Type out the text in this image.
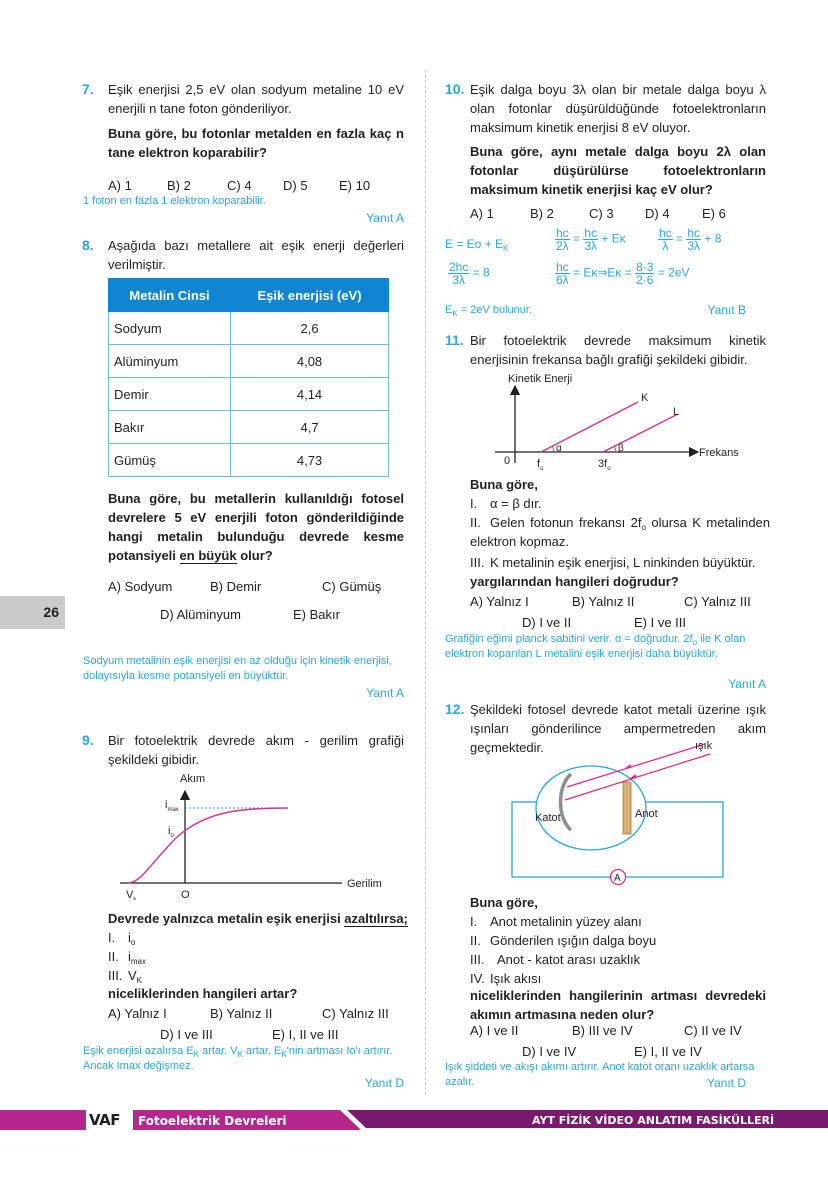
26
7. Eşik enerjisi 2,5 eV olan sodyum metaline 10 eV enerjili n tane foton gönderiliyor.
Buna göre, bu fotonlar metalden en fazla kaç n tane elektron koparabilir?
A) 1	B) 2	C) 4 D) 5 E) 10
1 foton en fazla 1 elektron koparabilir.
Yanıt A
8. Aşağıda bazı metallere ait eşik enerji değerleri verilmiştir.
Metalin Cinsi	Eşik enerjisi (eV)
Sodyum	2,6
Alüminyum	4,08
Demir	4,14
Bakır	4,7
Gümüş	4,73
Buna göre, bu metallerin kullanıldığı fotosel devrelere 5 eV enerjili foton gönderildiğinde hangi metalin bulunduğu devrede kesme potansiyeli en büyük olur?
A) Sodyum	B) Demir	C) Gümüş
D) Alüminyum	E) Bakır
Sodyum metalinin eşik enerjisi en az olduğu için kinetik enerjisi, dolayısıyla kesme potansiyeli en büyüktür.
Yanıt A
9. Bir fotoelektrik devrede akım - gerilim grafiği şekildeki gibidir.
Akım
Gerilim
$i_{max}$
$i_o$
$V_k$	O
Devrede yalnızca metalin eşik enerjisi azaltılırsa;
I. $i_o$
II. $i_{max}$
III. $V_K$
niceliklerinden hangileri artar?
A) Yalnız I	B) Yalnız II	C) Yalnız III
D) I ve III	E) I, II ve III
Eşik enerjisi azalırsa $E_K$ artar. $V_K$ artar. $E_K'nin$ artması Io'ı artırır.
Ancak Imax değişmez.
Yanıt D
10. Eşik dalga boyu 3λ olan bir metale dalga boyu λ olan fotonlar düşürüldüğünde fotoelektronların maksimum kinetik enerjisi 8 eV oluyor.
Buna göre, aynı metale dalga boyu 2λ olan fotonlar düşürülürse fotoelektronların maksimum kinetik enerjisi kaç eV olur?
A) 1	B) 2	C) 3 D) 4 E) 6
$E = Eo + E_K$	$\frac{hc}{2\lambda} = \frac{hc}{3\lambda} + E\kappa$	$\frac{hc}{\lambda} = \frac{hc}{3\lambda} + 8$
$\frac{2hc}{3\lambda} = 8$	$\frac{hc}{6\lambda}$ = Eκ⇒Eκ = $\frac{8\cdot 3}{2\cdot 6} = 2eV$
$E_K = 2eV$ bulunur.	Yanıt B
11. Bir fotoelektrik devrede maksimum kinetik enerjisinin frekansa bağlı grafiği şekildeki gibidir.
Kinetik Enerji
α	β
K
L
Frekans
0 $f_o$	$3f_o$
Buna göre,
I. α = β dır.
II. Gelen fotonun frekansı $2f_o$ olursa K metalinden elektron kopmaz.
III. K metalinin eşik enerjisi, L ninkinden büyüktür.
yargılarından hangileri doğrudur?
A) Yalnız I	B) Yalnız II	C) Yalnız III
D) I ve II	E) I ve III
Grafiğin eğimi planck sabitini verir. α = doğrudur. $2f_o$ ile K olan elektron koparılan L metalini eşik enerjisi daha büyüktür.
Yanıt A
12. Şekildeki fotosel devrede katot metali üzerine ışık ışınları gönderilince ampermetreden akım geçmektedir.	ışık
Katot	Anot
A
Buna göre,
I. Anot metalinin yüzey alanı
II. Gönderilen ışığın dalga boyu
III. Anot - katot arası uzaklık
IV. Işık akısı
niceliklerinden hangilerinin artması devredeki akımın artmasına neden olur?
A) I ve II	B) III ve IV	C) II ve IV
D) I ve IV	E) I, II ve IV
Işık şiddeti ve akışı akımı artırır. Anot katot oranı uzaklık artarsa azalır.	Yanıt D
VAF Fotoelektrik Devreleri	AYT FİZİK VİDEO ANLATIM FASİKÜLLERİ
